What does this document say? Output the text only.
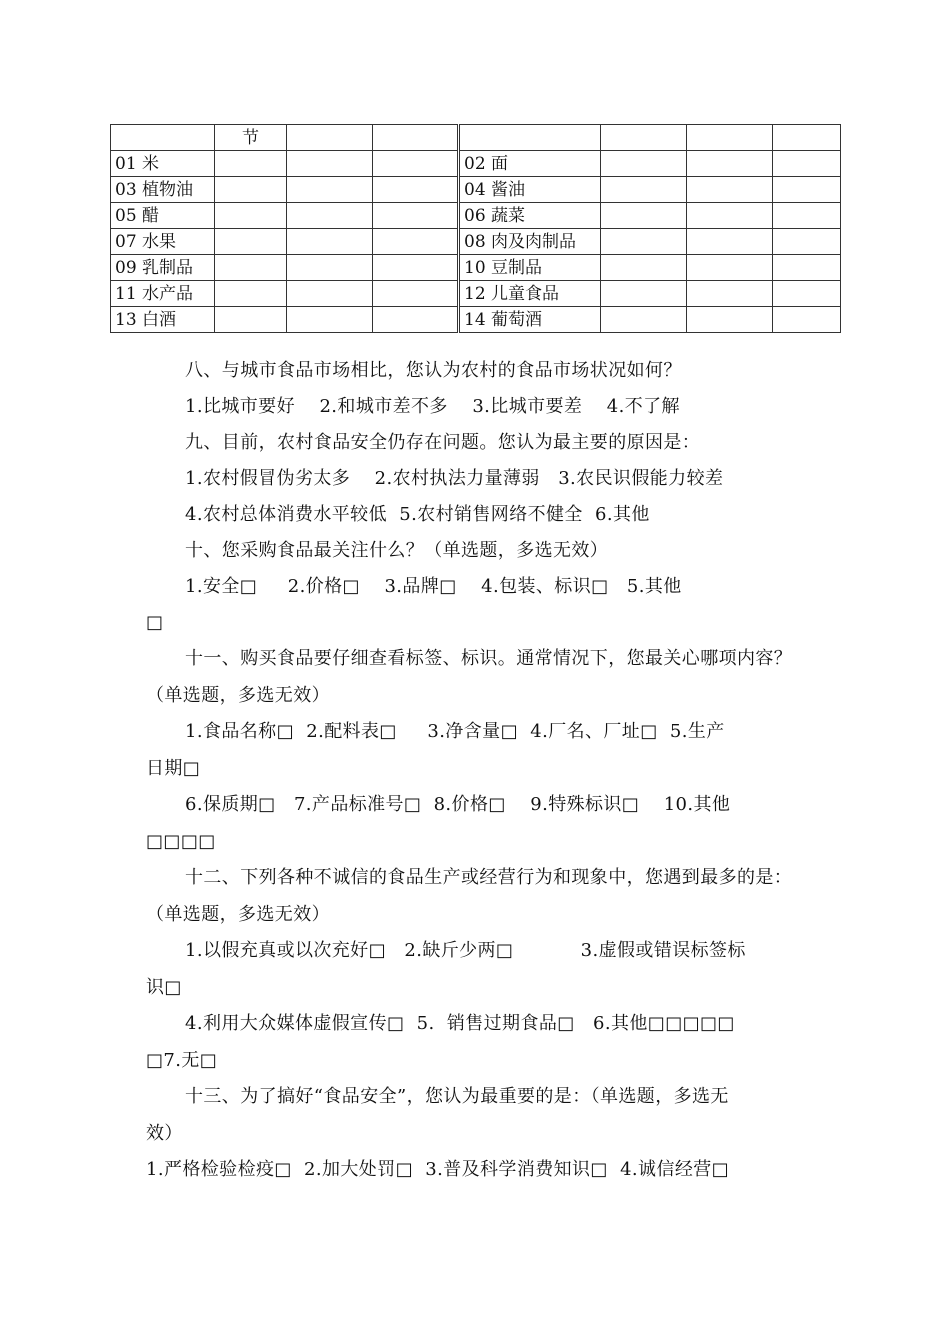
	节						
01 米				02 面			
03 植物油				04 酱油			
05 醋				06 蔬菜			
07 水果				08 肉及肉制品			
09 乳制品				10 豆制品			
11 水产品				12 儿童食品			
13 白酒				14 葡萄酒			
八、与城市食品市场相比，您认为农村的食品市场状况如何？
1.比城市要好    2.和城市差不多    3.比城市要差    4.不了解
九、目前，农村食品安全仍存在问题。您认为最主要的原因是：
1.农村假冒伪劣太多    2.农村执法力量薄弱   3.农民识假能力较差
4.农村总体消费水平较低  5.农村销售网络不健全  6.其他
十、您采购食品最关注什么？（单选题，多选无效）
1.安全□     2.价格□    3.品牌□    4.包装、标识□   5.其他
□
十一、购买食品要仔细查看标签、标识。通常情况下，您最关心哪项内容？
（单选题，多选无效）
1.食品名称□  2.配料表□     3.净含量□  4.厂名、厂址□  5.生产
日期□
6.保质期□   7.产品标准号□  8.价格□    9.特殊标识□    10.其他
□□□□
十二、下列各种不诚信的食品生产或经营行为和现象中，您遇到最多的是：
（单选题，多选无效）
1.以假充真或以次充好□   2.缺斤少两□           3.虚假或错误标签标
识□
4.利用大众媒体虚假宣传□  5.  销售过期食品□   6.其他□□□□□
□7.无□
十三、为了搞好“食品安全”，您认为最重要的是：（单选题，多选无
效）
1.严格检验检疫□  2.加大处罚□  3.普及科学消费知识□  4.诚信经营□
